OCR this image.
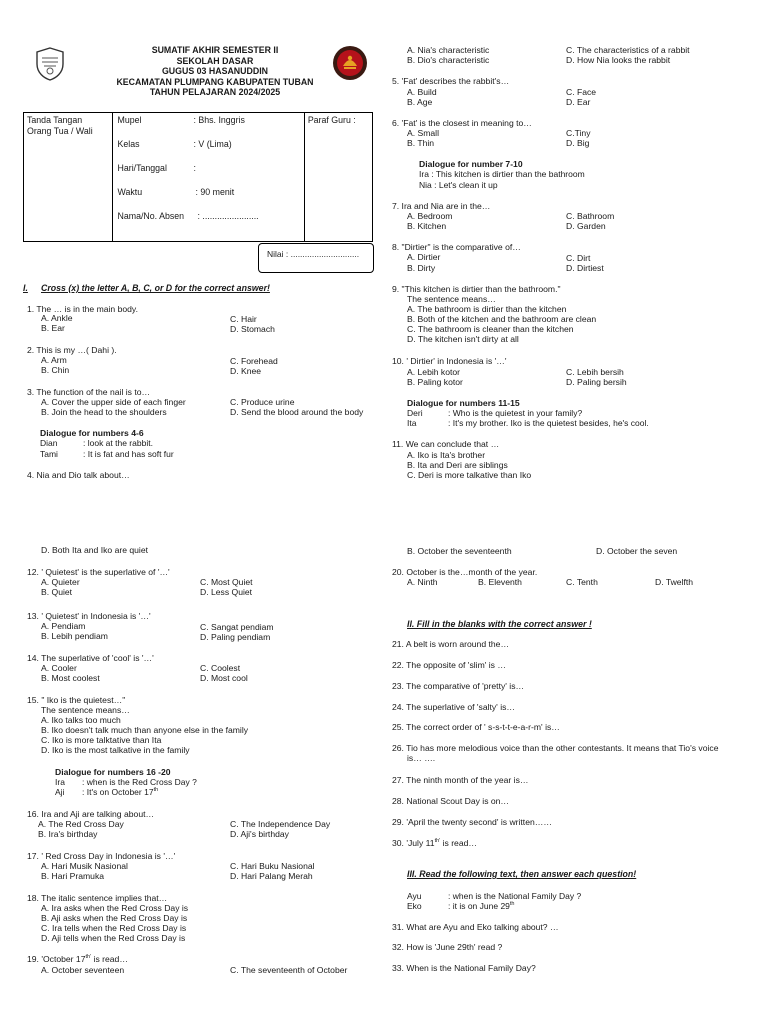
SUMATIF AKHIR SEMESTER II
SEKOLAH DASAR
GUGUS 03 HASANUDDIN
KECAMATAN PLUMPANG KABUPATEN TUBAN
TAHUN PELAJARAN 2024/2025
Tanda Tangan Orang Tua / Wali	
Mupel	: Bhs. Inggris
Kelas	: V (Lima)
Hari/Tanggal	:
Waktu	: 90 menit
Nama/No. Absen : .......................
	Paraf Guru :
Nilai : .............................
I. Cross (x) the letter A, B, C, or D for the correct answer!
1. The … is in the main body.
A. Ankle
B. Ear
C. Hair
D. Stomach
2. This is my …( Dahi ).
A. Arm
B. Chin
C. Forehead
D. Knee
3. The function of the nail is to…
A. Cover the upper side of each finger
B. Join the head to the shoulders
C. Produce urine
D. Send the blood around the body
Dialogue for numbers 4-6
Dian	: look at the rabbit.
Tami	: It is fat and has soft fur
4. Nia and Dio talk about…
A. Nia's characteristic
B. Dio's characteristic
C. The characteristics of a rabbit
D. How Nia looks the rabbit
5. 'Fat' describes the rabbit's…
A. Build
B. Age
C. Face
D. Ear
6. 'Fat' is the closest in meaning to…
A. Small
B. Thin
C.Tiny
D. Big
Dialogue for number 7-10
Ira : This kitchen is dirtier than the bathroom
Nia : Let's clean it up
7. Ira and Nia are in the…
A. Bedroom
B. Kitchen
C. Bathroom
D. Garden
8. "Dirtier" is the comparative of…
A. Dirtier
B. Dirty
C. Dirt
D. Dirtiest
9. "This kitchen is dirtier than the bathroom."
The sentence means…
A. The bathroom is dirtier than the kitchen
B. Both of the kitchen and the bathroom are clean
C. The bathroom is cleaner than the kitchen
D. The kitchen isn't dirty at all
10. ' Dirtier' in Indonesia is '…'
A. Lebih kotor
B. Paling kotor
C. Lebih bersih
D. Paling bersih
Dialogue for numbers 11-15
Deri	: Who is the quietest in your family?
Ita	: It's my brother. Iko is the quietest besides, he's cool.
11. We can conclude that …
A. Iko is Ita's brother
B. Ita and Deri are siblings
C. Deri is more talkative than Iko
D. Both Ita and Iko are quiet
12. ' Quietest' is the superlative of '…'
A. Quieter
B. Quiet
C. Most Quiet
D. Less Quiet
13. ' Quietest' in Indonesia is '…'
A. Pendiam
B. Lebih pendiam
C. Sangat pendiam
D. Paling pendiam
14. The superlative of 'cool' is '…'
A. Cooler
B. Most coolest
C. Coolest
D. Most cool
15. " Iko is the quietest…"
The sentence means…
A. Iko talks too much
B. Iko doesn't talk much than anyone else in the family
C. Iko is more talktative than Ita
D. Iko is the most talkative in the family
Dialogue for numbers 16 -20
Ira : when is the Red Cross Day ?
Aji : It's on October 17th
16. Ira and Aji are talking about…
A. The Red Cross Day
B. Ira's birthday
C. The Independence Day
D. Aji's birthday
17. ' Red Cross Day in Indonesia is '…'
A. Hari Musik Nasional
B. Hari Pramuka
C. Hari Buku Nasional
D. Hari Palang Merah
18. The italic sentence implies that…
A. Ira asks when the Red Cross Day is
B. Aji asks when the Red Cross Day is
C. Ira tells when the Red Cross Day is
D. Aji tells when the Red Cross Day is
19. 'October $17^{th'}$ is read…
A. October seventeen	C. The seventeenth of October
B. October the seventeenth	D. October the seven
20. October is the…month of the year.
A. Ninth	B. Eleventh	C. Tenth	D. Twelfth
II. Fill in the blanks with the correct answer !
21. A belt is worn around the…
22. The opposite of 'slim' is …
23. The comparative of 'pretty' is…
24. The superlative of 'salty' is…
25. The correct order of ' s-s-t-t-e-a-r-m' is…
26. Tio has more melodious voice than the other contestants. It means that Tio's voice
is… ….
27. The ninth month of the year is…
28. National Scout Day is on…
29. 'April the twenty second' is written……
30. 'July $11^{th'}$ is read…
III. Read the following text, then answer each question!
Ayu	: when is the National Family Day ?
Eko	: it is on June 29th
31. What are Ayu and Eko talking about? …
32. How is 'June 29th' read ?
33. When is the National Family Day?
